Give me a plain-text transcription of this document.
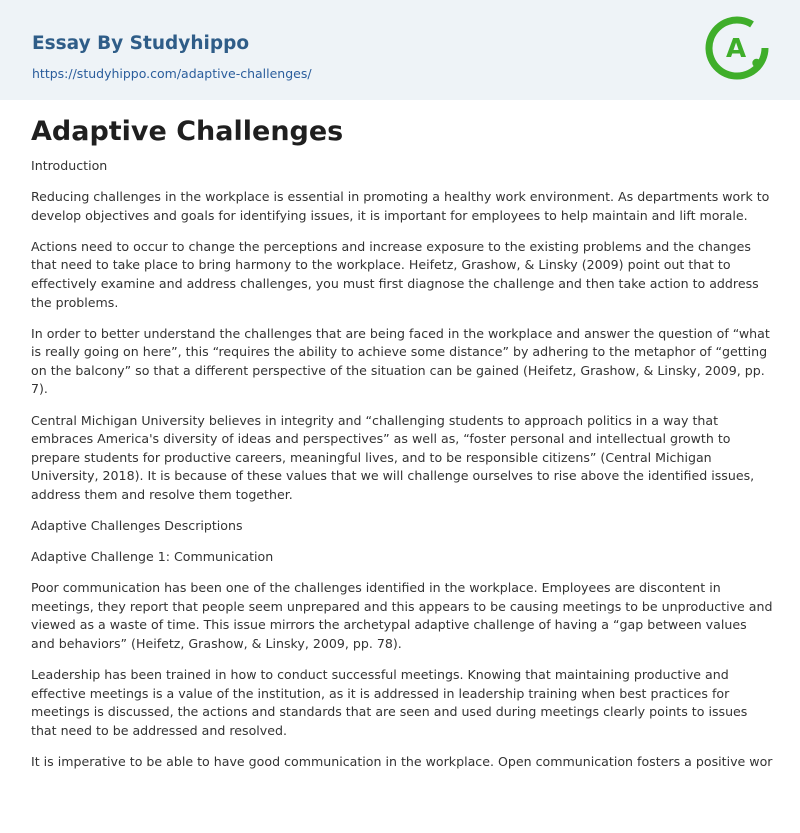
Essay By Studyhippo
https://studyhippo.com/adaptive-challenges/
A
Adaptive Challenges

Introduction

Reducing challenges in the workplace is essential in promoting a healthy work environment. As departments work to develop objectives and goals for identifying issues, it is important for employees to help maintain and lift morale.

Actions need to occur to change the perceptions and increase exposure to the existing problems and the changes that need to take place to bring harmony to the workplace. Heifetz, Grashow, & Linsky (2009) point out that to effectively examine and address challenges, you must first diagnose the challenge and then take action to address the problems.

In order to better understand the challenges that are being faced in the workplace and answer the question of “what is really going on here”, this “requires the ability to achieve some distance” by adhering to the metaphor of “getting on the balcony” so that a different perspective of the situation can be gained (Heifetz, Grashow, & Linsky, 2009, pp. 7).

Central Michigan University believes in integrity and “challenging students to approach politics in a way that embraces America's diversity of ideas and perspectives” as well as, “foster personal and intellectual growth to prepare students for productive careers, meaningful lives, and to be responsible citizens” (Central Michigan University, 2018). It is because of these values that we will challenge ourselves to rise above the identified issues, address them and resolve them together.

Adaptive Challenges Descriptions

Adaptive Challenge 1: Communication

Poor communication has been one of the challenges identified in the workplace. Employees are discontent in meetings, they report that people seem unprepared and this appears to be causing meetings to be unproductive and viewed as a waste of time. This issue mirrors the archetypal adaptive challenge of having a “gap between values and behaviors” (Heifetz, Grashow, & Linsky, 2009, pp. 78).

Leadership has been trained in how to conduct successful meetings. Knowing that maintaining productive and effective meetings is a value of the institution, as it is addressed in leadership training when best practices for meetings is discussed, the actions and standards that are seen and used during meetings clearly points to issues that need to be addressed and resolved.

It is imperative to be able to have good communication in the workplace. Open communication fosters a positive wor
